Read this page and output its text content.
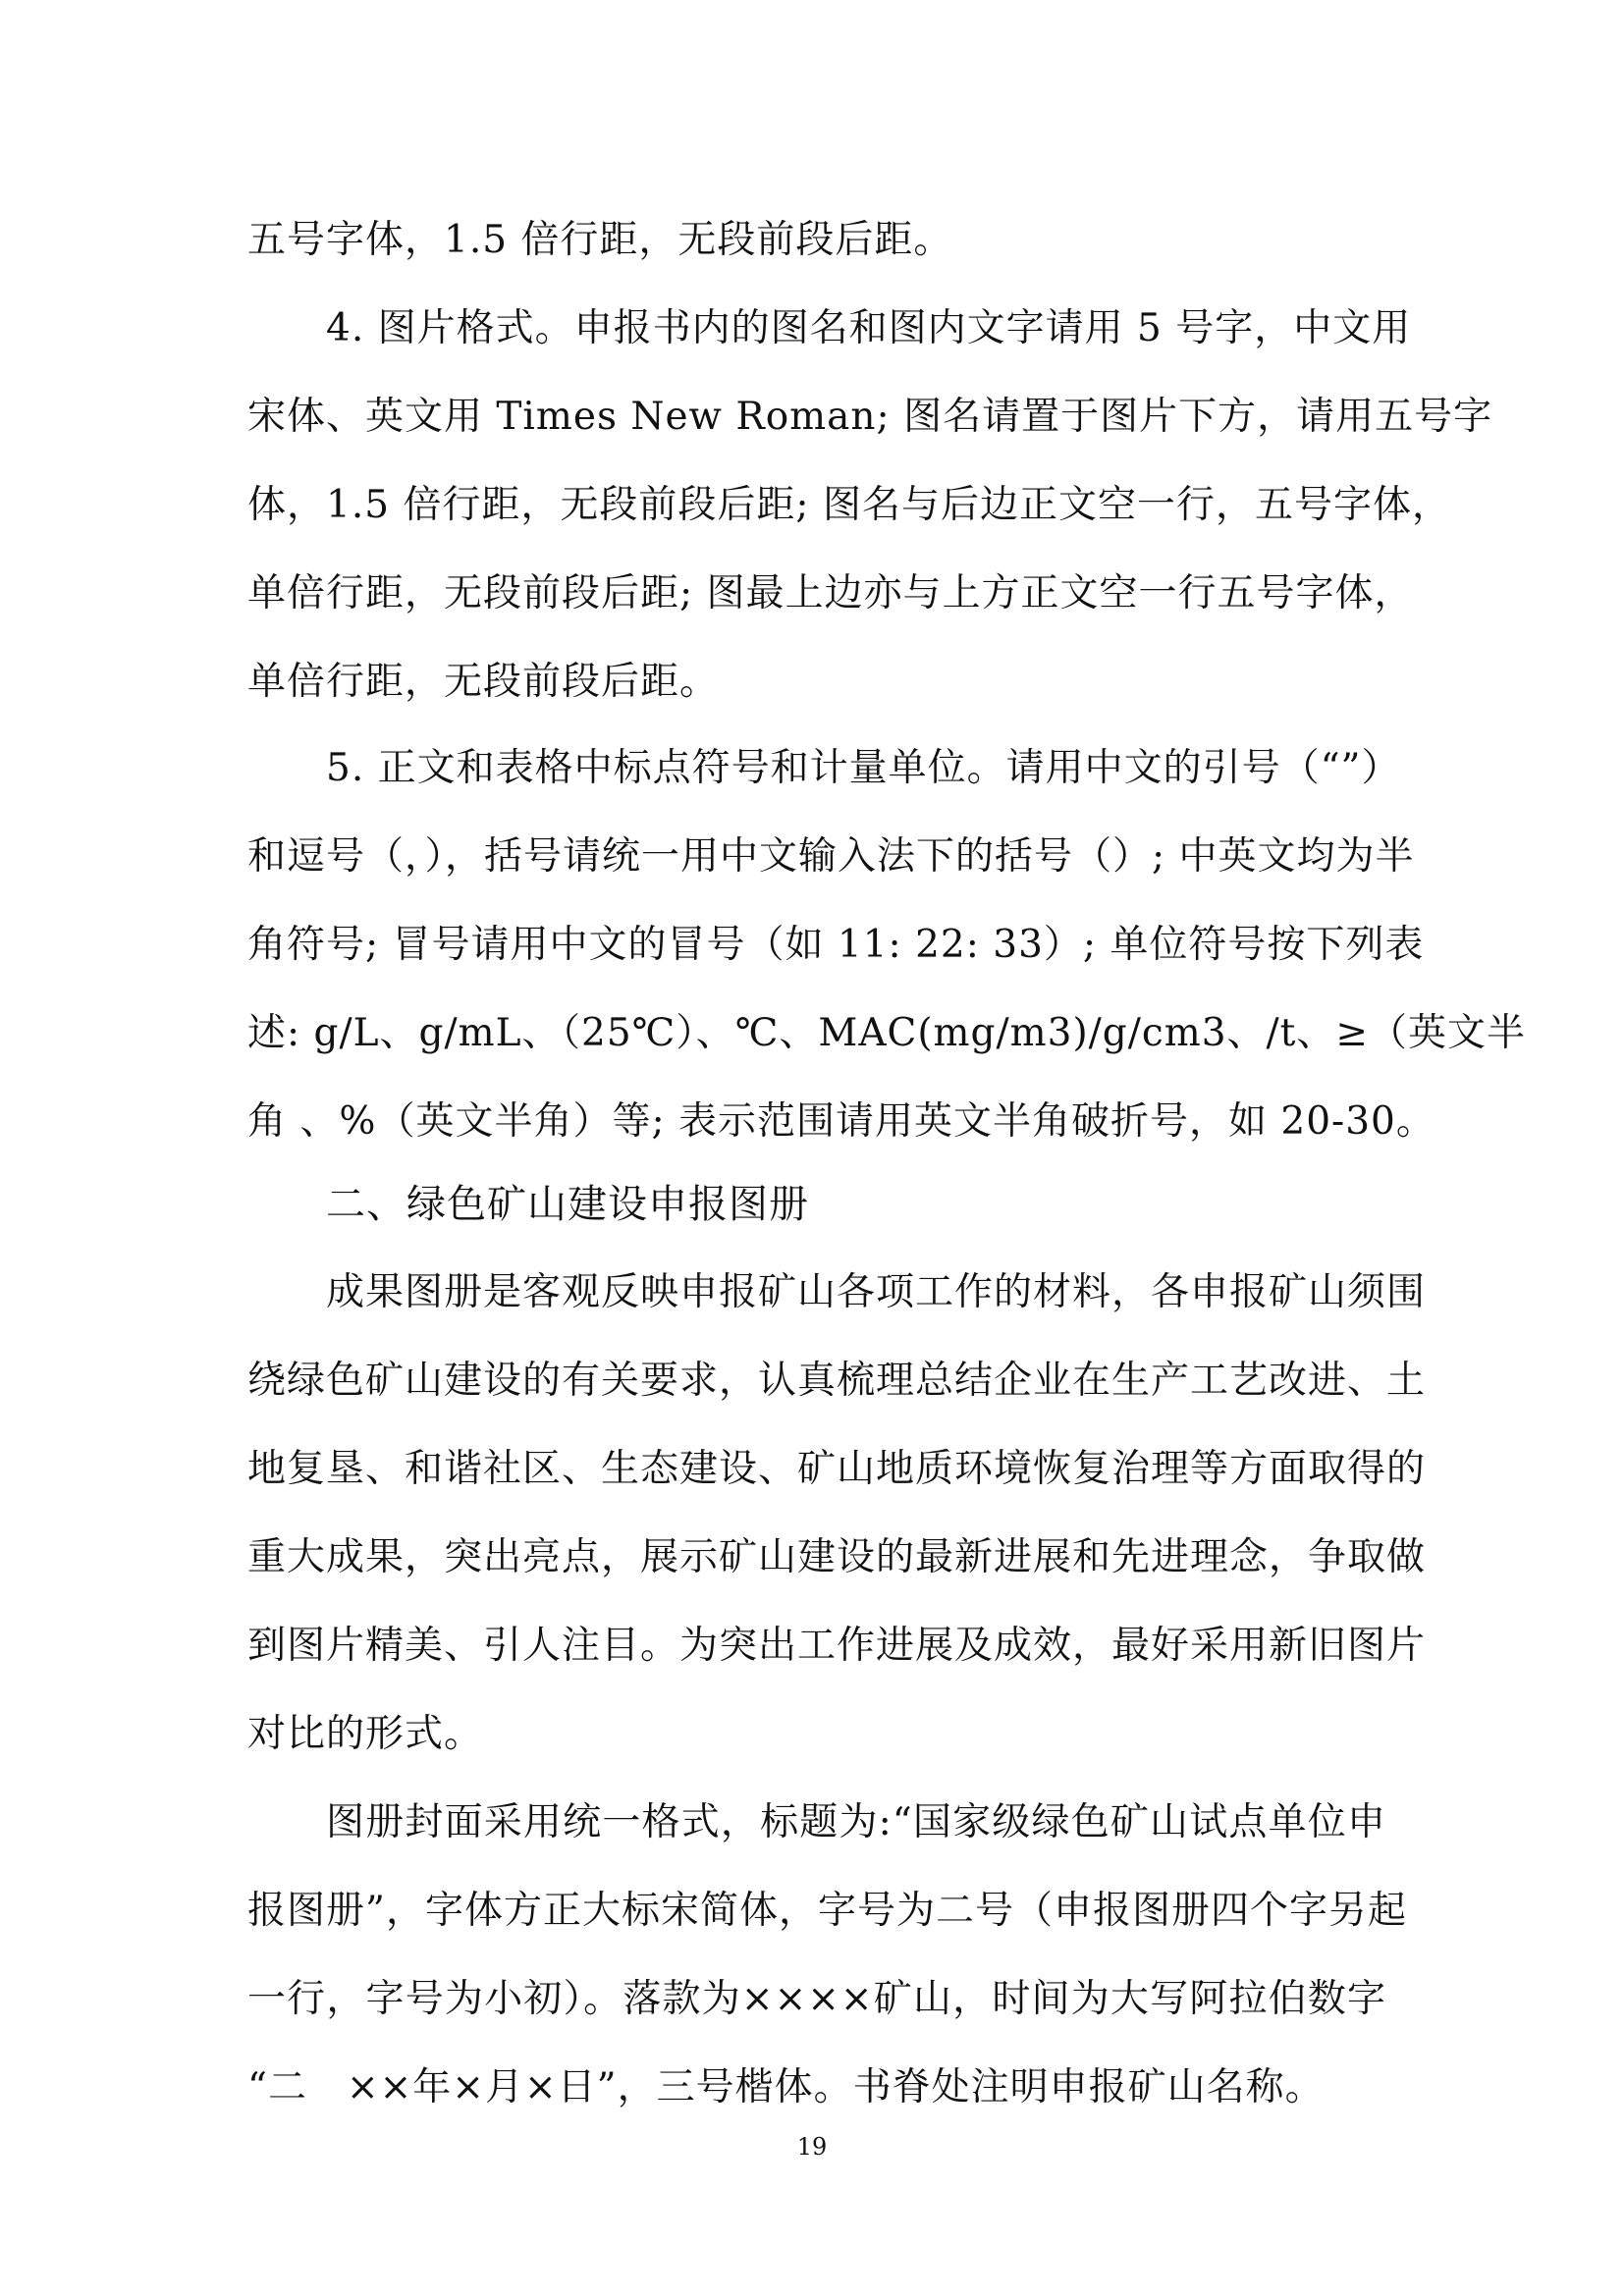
五号字体，1.5 倍行距，无段前段后距。
4. 图片格式。申报书内的图名和图内文字请用 5 号字，中文用
宋体、英文用 Times New Roman; 图名请置于图片下方，请用五号字
体，1.5 倍行距，无段前段后距; 图名与后边正文空一行，五号字体，
单倍行距，无段前段后距; 图最上边亦与上方正文空一行五号字体，
单倍行距，无段前段后距。
5. 正文和表格中标点符号和计量单位。请用中文的引号（“”）
和逗号（，），括号请统一用中文输入法下的括号（）; 中英文均为半
角符号; 冒号请用中文的冒号（如 11: 22: 33）; 单位符号按下列表
述: g/L、g/mL、（25℃）、℃、MAC(mg/m3)/g/cm3、/t、≥（英文半
角 、%（英文半角）等; 表示范围请用英文半角破折号，如 20-30。
二、绿色矿山建设申报图册
成果图册是客观反映申报矿山各项工作的材料，各申报矿山须围
绕绿色矿山建设的有关要求，认真梳理总结企业在生产工艺改进、土
地复垦、和谐社区、生态建设、矿山地质环境恢复治理等方面取得的
重大成果，突出亮点，展示矿山建设的最新进展和先进理念，争取做
到图片精美、引人注目。为突出工作进展及成效，最好采用新旧图片
对比的形式。
图册封面采用统一格式，标题为:“国家级绿色矿山试点单位申
报图册”，字体方正大标宋简体，字号为二号（申报图册四个字另起
一行，字号为小初）。落款为××××矿山，时间为大写阿拉伯数字
“二　××年×月×日”，三号楷体。书脊处注明申报矿山名称。
19
